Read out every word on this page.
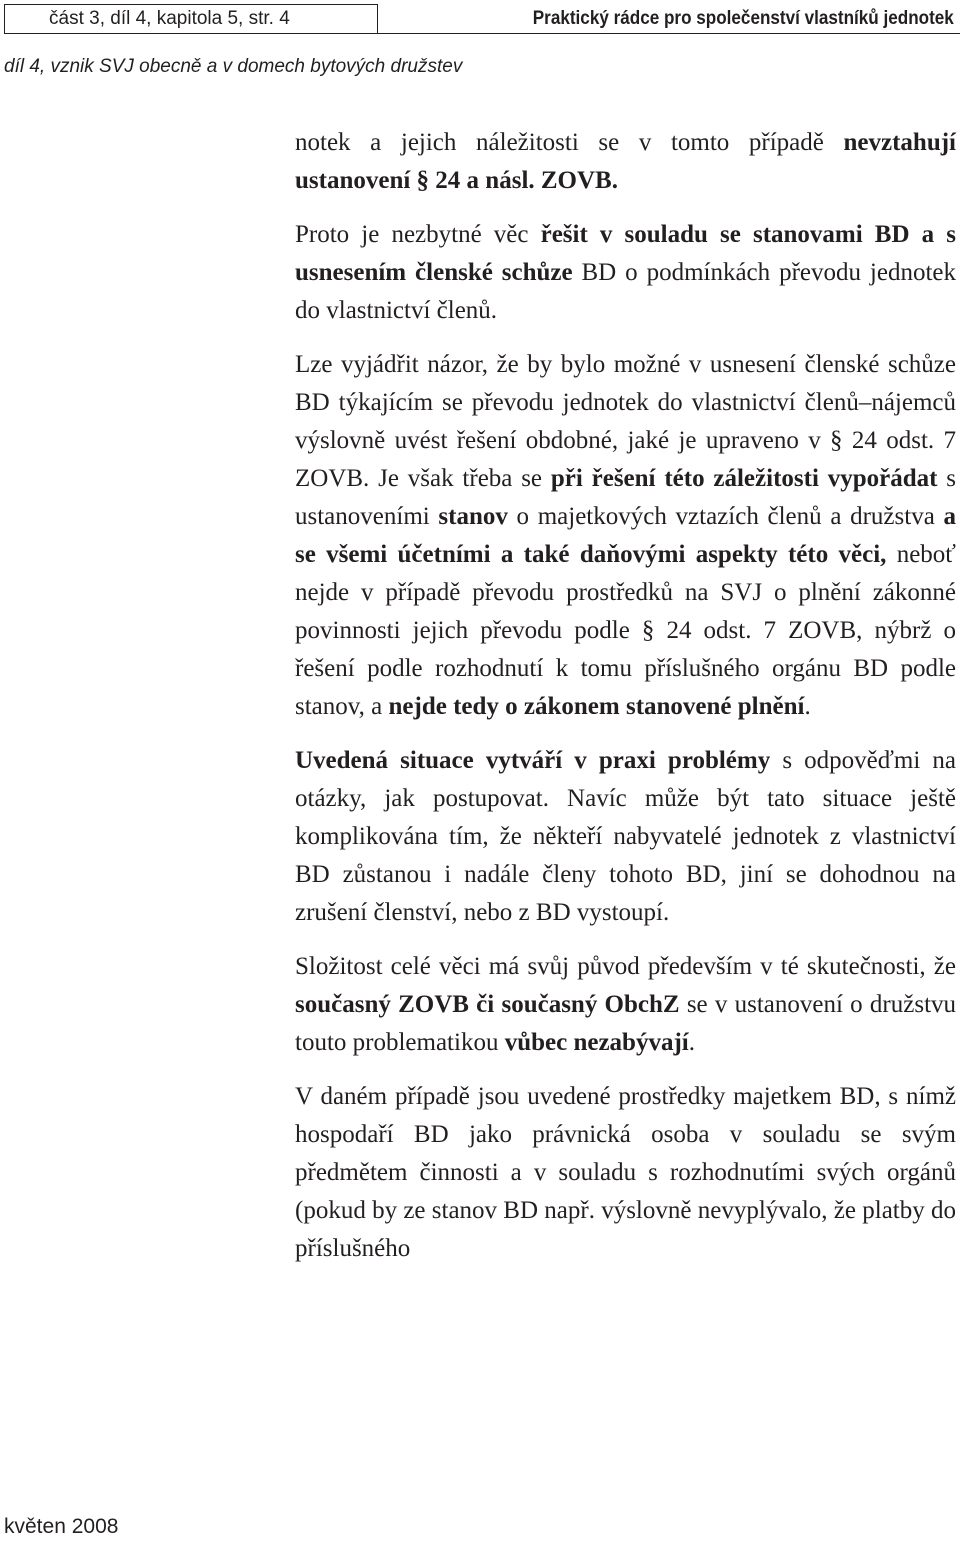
část 3, díl 4, kapitola 5, str. 4	Praktický rádce pro společenství vlastníků jednotek
díl 4, vznik SVJ obecně a v domech bytových družstev

notek a jejich náležitosti se v tomto případě nevztahují ustanovení § 24 a násl. ZOVB.

Proto je nezbytné věc řešit v souladu se stanovami BD a s usnesením členské schůze BD o podmínkách převodu jednotek do vlastnictví členů.

Lze vyjádřit názor, že by bylo možné v usnesení členské schůze BD týkajícím se převodu jednotek do vlastnictví členů–nájemců výslovně uvést řešení obdobné, jaké je upraveno v § 24 odst. 7 ZOVB. Je však třeba se při řešení této záležitosti vypořádat s ustanoveními stanov o majetkových vztazích členů a družstva a se všemi účetními a také daňovými aspekty této věci, neboť nejde v případě převodu prostředků na SVJ o plnění zákonné povinnosti jejich převodu podle § 24 odst. 7 ZOVB, nýbrž o řešení podle rozhodnutí k tomu příslušného orgánu BD podle stanov, a nejde tedy o zákonem stanovené plnění.

Uvedená situace vytváří v praxi problémy s odpověďmi na otázky, jak postupovat. Navíc může být tato situace ještě komplikována tím, že někteří nabyvatelé jednotek z vlastnictví BD zůstanou i nadále členy tohoto BD, jiní se dohodnou na zrušení členství, nebo z BD vystoupí.

Složitost celé věci má svůj původ především v té skutečnosti, že současný ZOVB či současný ObchZ se v ustanovení o družstvu touto problematikou vůbec nezabývají.

V daném případě jsou uvedené prostředky majetkem BD, s nímž hospodaří BD jako právnická osoba v souladu se svým předmětem činnosti a v souladu s rozhodnutími svých orgánů (pokud by ze stanov BD např. výslovně nevyplývalo, že platby do příslušného

květen 2008
